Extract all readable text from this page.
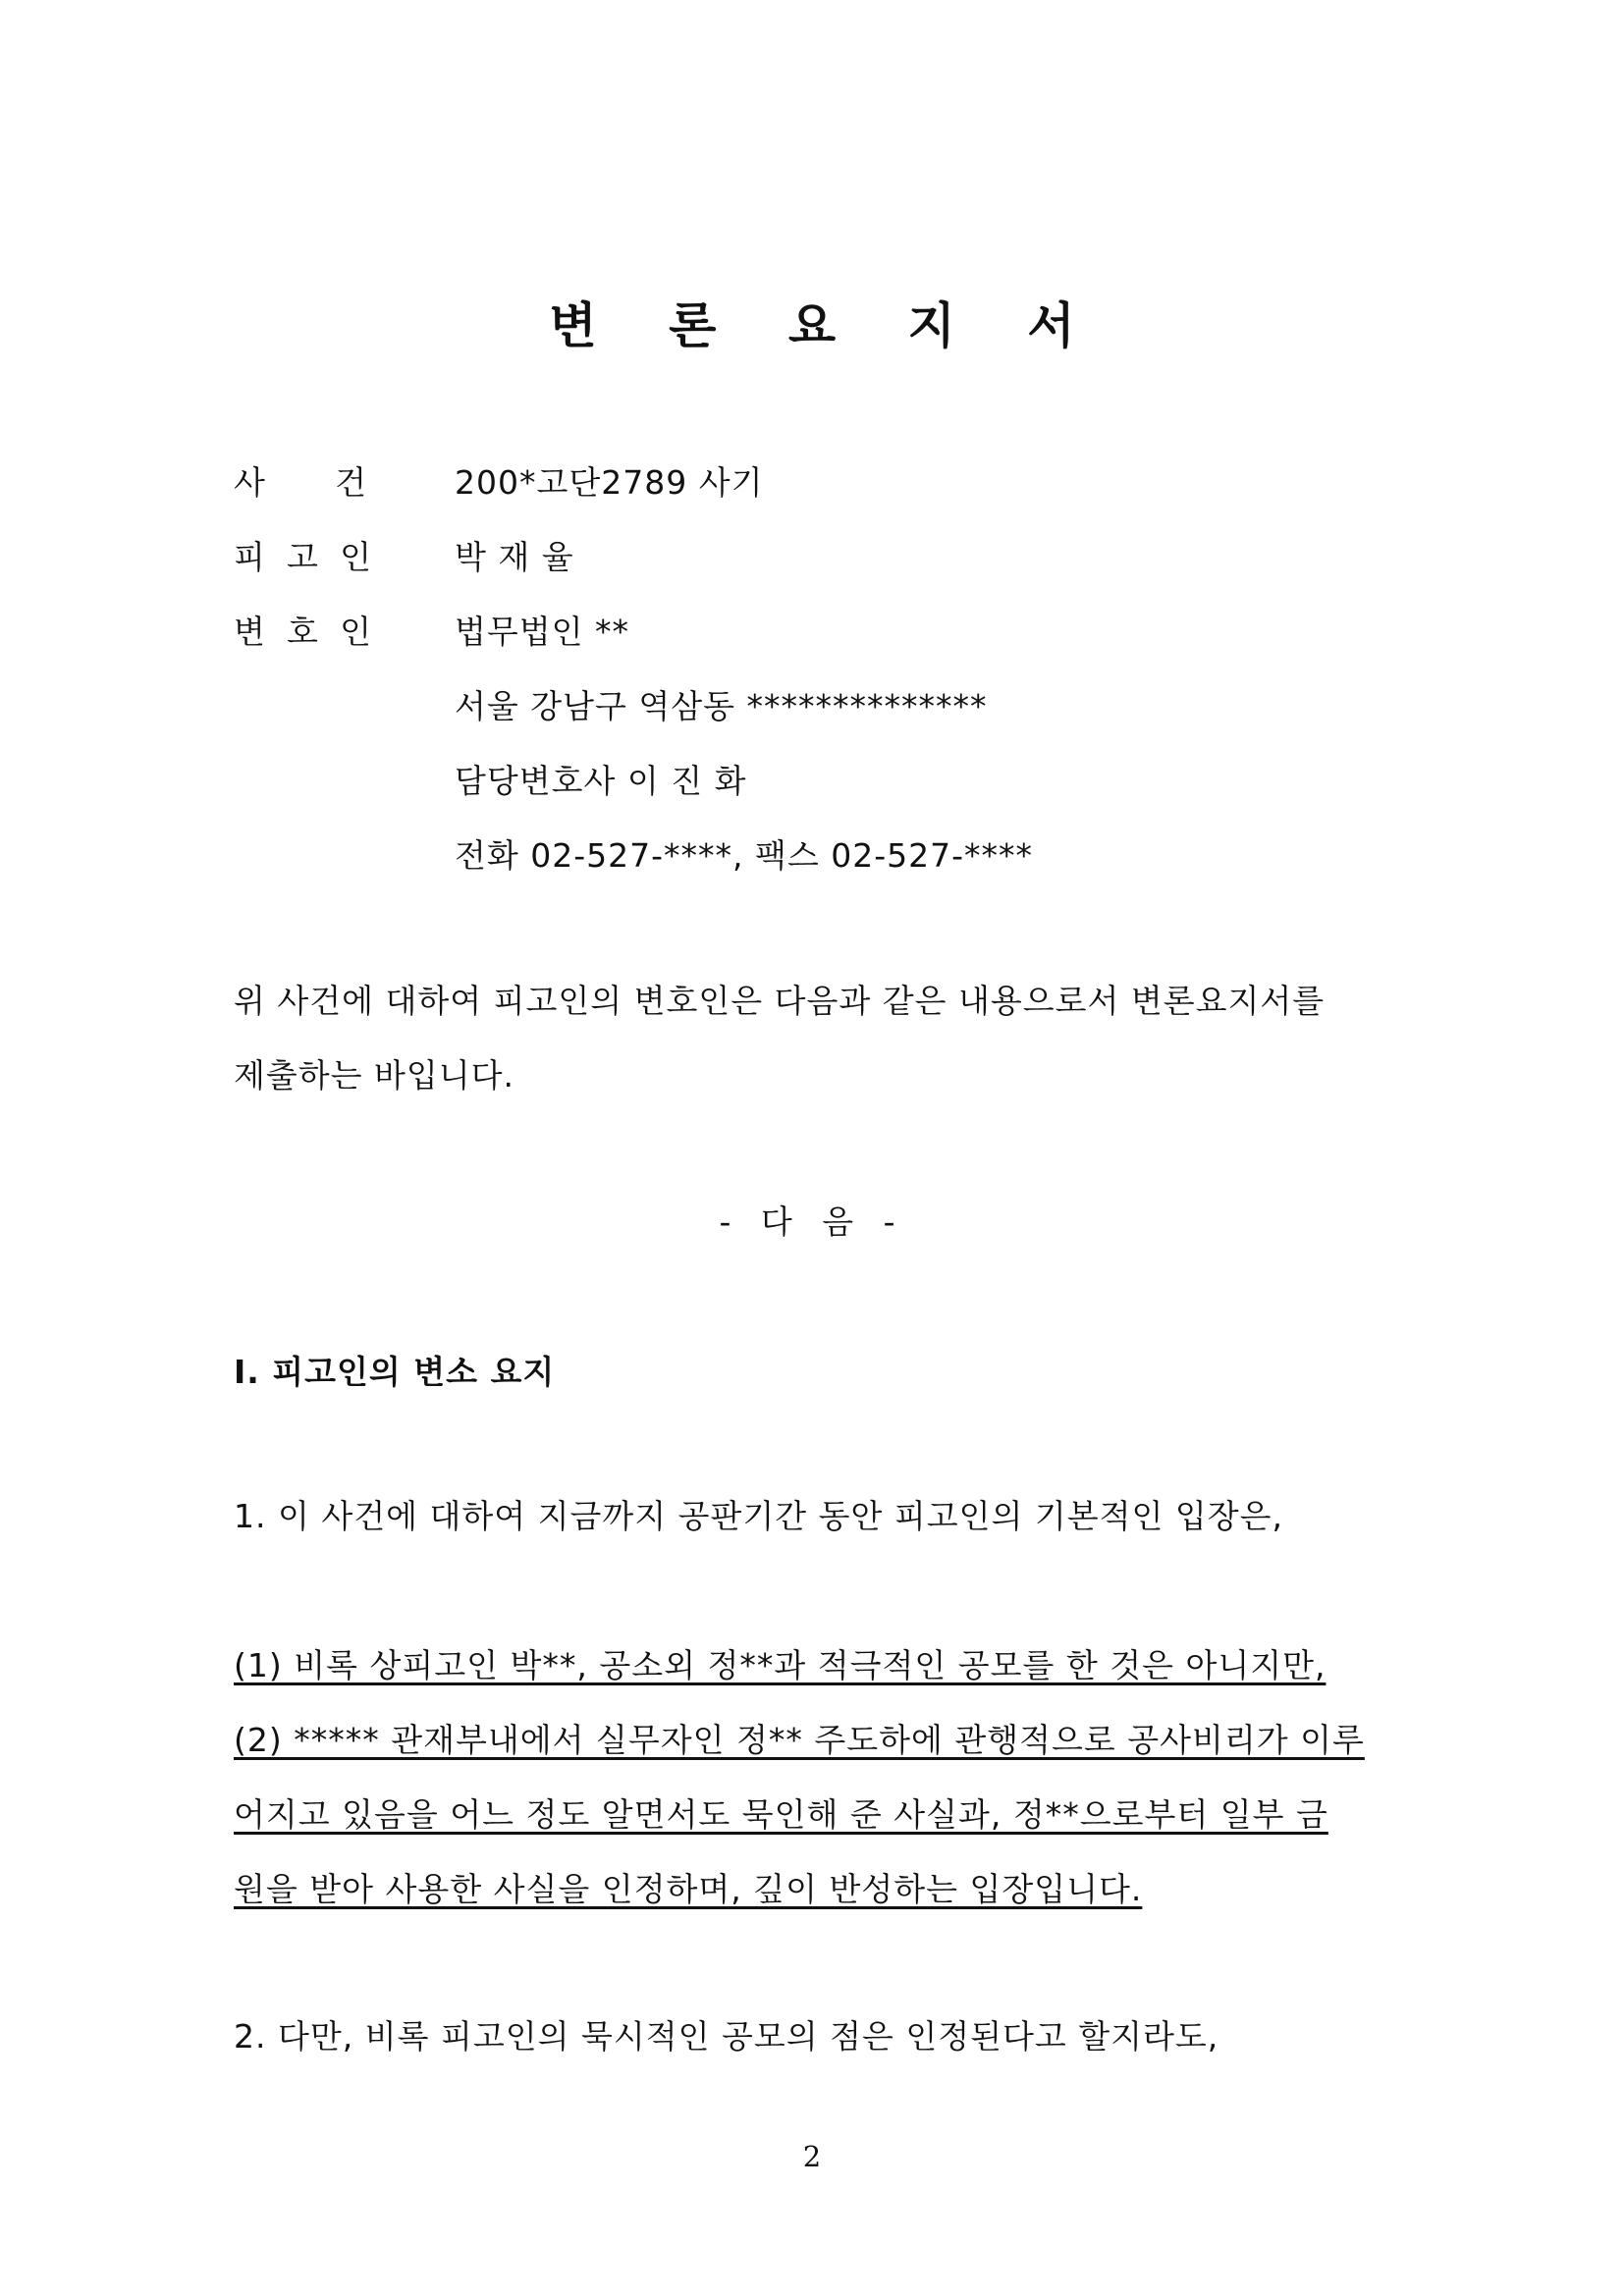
변 론 요 지 서
사 건	200*고단2789 사기
피 고 인	박 재 율
변 호 인	법무법인 **
서울 강남구 역삼동 **************
담당변호사 이 진 화
전화 02-527-****, 팩스 02-527-****
위 사건에 대하여 피고인의 변호인은 다음과 같은 내용으로서 변론요지서를
제출하는 바입니다.
- 다 음 -
Ⅰ. 피고인의 변소 요지
1. 이 사건에 대하여 지금까지 공판기간 동안 피고인의 기본적인 입장은,
(1) 비록 상피고인 박**, 공소외 정**과 적극적인 공모를 한 것은 아니지만,
(2) ***** 관재부내에서 실무자인 정** 주도하에 관행적으로 공사비리가 이루
어지고 있음을 어느 정도 알면서도 묵인해 준 사실과, 정**으로부터 일부 금
원을 받아 사용한 사실을 인정하며, 깊이 반성하는 입장입니다.
2. 다만, 비록 피고인의 묵시적인 공모의 점은 인정된다고 할지라도,
2
